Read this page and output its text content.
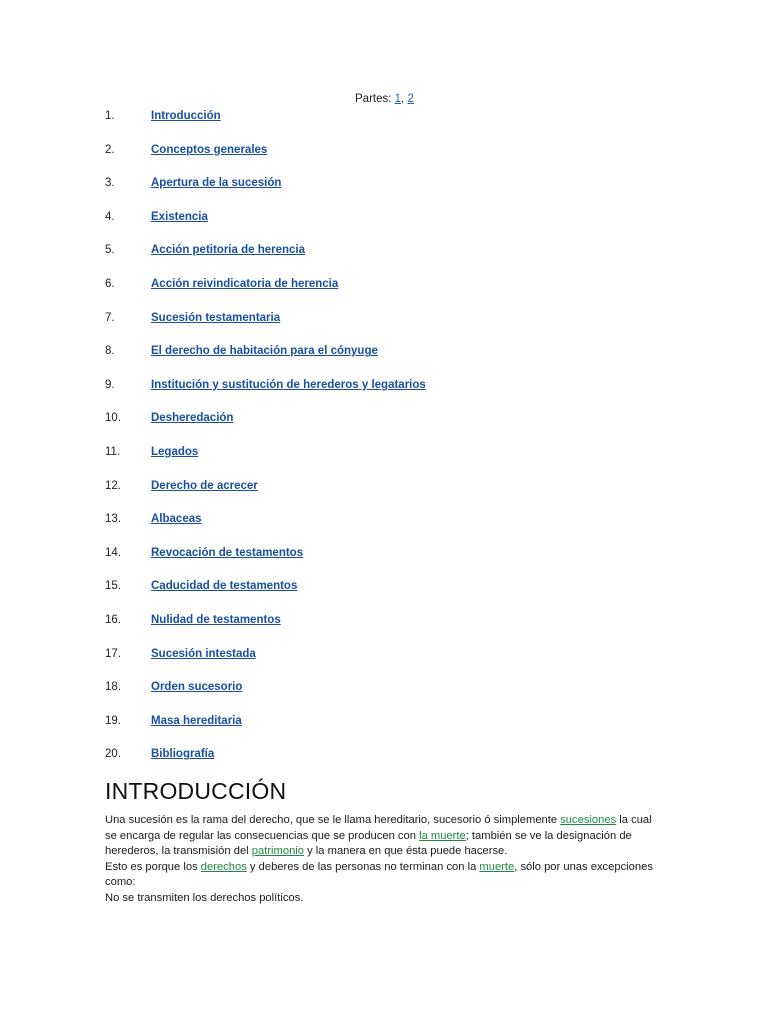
Partes: 1, 2
1.	Introducción
2.	Conceptos generales
3.	Apertura de la sucesión
4.	Existencia
5.	Acción petitoria de herencia
6.	Acción reivindicatoria de herencia
7.	Sucesión testamentaria
8.	El derecho de habitación para el cónyuge
9.	Institución y sustitución de herederos y legatarios
10.	Desheredación
11.	Legados
12.	Derecho de acrecer
13.	Albaceas
14.	Revocación de testamentos
15.	Caducidad de testamentos
16.	Nulidad de testamentos
17.	Sucesión intestada
18.	Orden sucesorio
19.	Masa hereditaria
20.	Bibliografía
INTRODUCCIÓN

Una sucesión es la rama del derecho, que se le llama hereditario, sucesorio ó simplemente sucesiones la cual se encarga de regular las consecuencias que se producen con la muerte; también se ve la designación de herederos, la transmisión del patrimonio y la manera en que ésta puede hacerse.

Esto es porque los derechos y deberes de las personas no terminan con la muerte, sólo por unas excepciones como:

No se transmiten los derechos políticos.
